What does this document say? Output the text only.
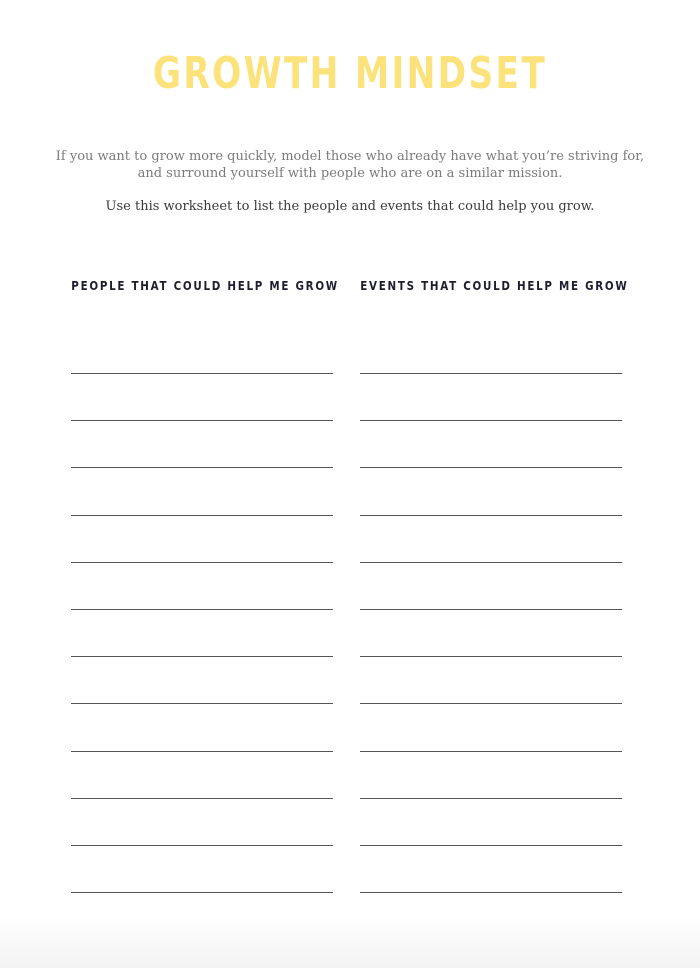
GROWTH MINDSET
If you want to grow more quickly, model those who already have what you’re striving for,
and surround yourself with people who are on a similar mission.
Use this worksheet to list the people and events that could help you grow.
PEOPLE THAT COULD HELP ME GROW EVENTS THAT COULD HELP ME GROW
